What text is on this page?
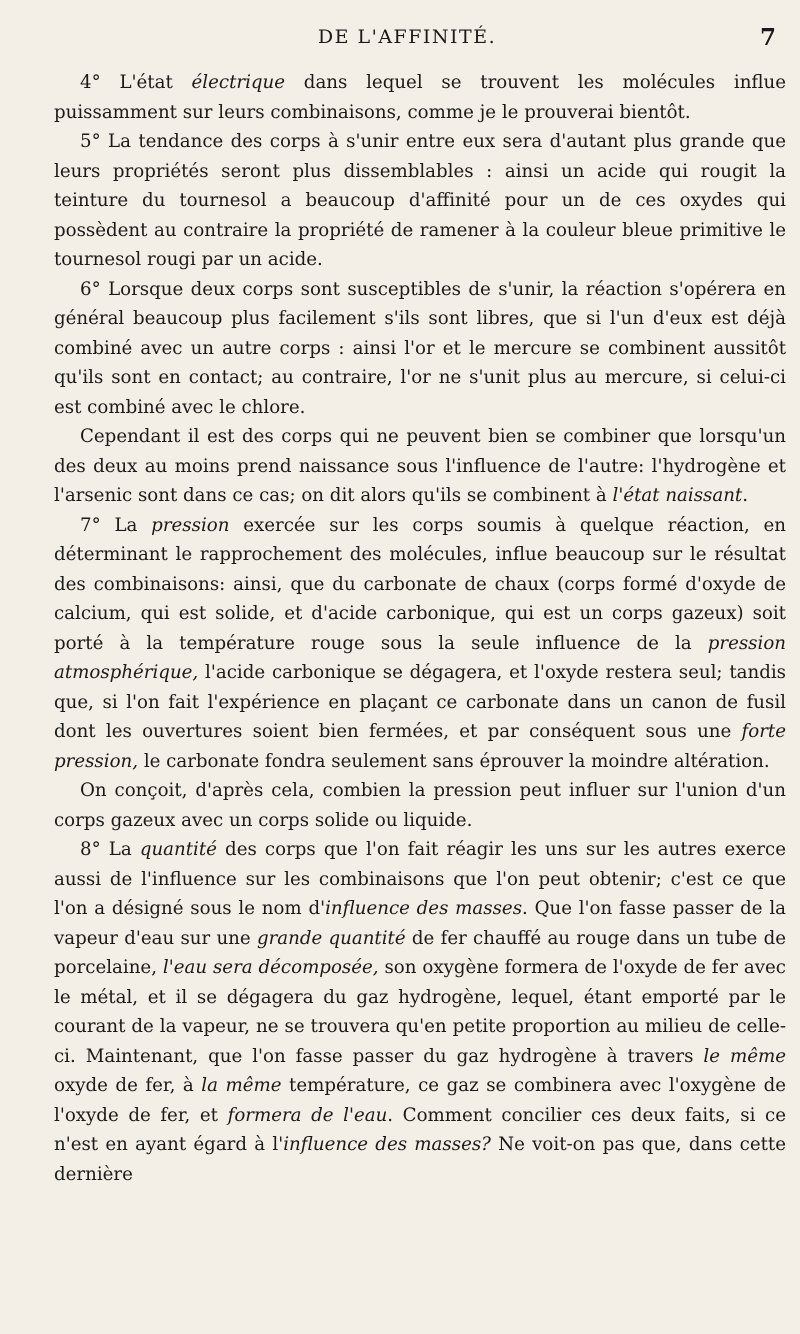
DE L'AFFINITÉ.	7

4° L'état électrique dans lequel se trouvent les molécules influe puissamment sur leurs combinaisons, comme je le prouverai bientôt.

5° La tendance des corps à s'unir entre eux sera d'autant plus grande que leurs propriétés seront plus dissemblables : ainsi un acide qui rougit la teinture du tournesol a beaucoup d'affinité pour un de ces oxydes qui possèdent au contraire la propriété de ramener à la couleur bleue primitive le tournesol rougi par un acide.

6° Lorsque deux corps sont susceptibles de s'unir, la réaction s'opérera en général beaucoup plus facilement s'ils sont libres, que si l'un d'eux est déjà combiné avec un autre corps : ainsi l'or et le mercure se combinent aussitôt qu'ils sont en contact; au contraire, l'or ne s'unit plus au mercure, si celui-ci est combiné avec le chlore.

Cependant il est des corps qui ne peuvent bien se combiner que lorsqu'un des deux au moins prend naissance sous l'influence de l'autre: l'hydrogène et l'arsenic sont dans ce cas; on dit alors qu'ils se combinent à l'état naissant.

7° La pression exercée sur les corps soumis à quelque réaction, en déterminant le rapprochement des molécules, influe beaucoup sur le résultat des combinaisons: ainsi, que du carbonate de chaux (corps formé d'oxyde de calcium, qui est solide, et d'acide carbonique, qui est un corps gazeux) soit porté à la température rouge sous la seule influence de la pression atmosphérique, l'acide carbonique se dégagera, et l'oxyde restera seul; tandis que, si l'on fait l'expérience en plaçant ce carbonate dans un canon de fusil dont les ouvertures soient bien fermées, et par conséquent sous une forte pression, le carbonate fondra seulement sans éprouver la moindre altération.

On conçoit, d'après cela, combien la pression peut influer sur l'union d'un corps gazeux avec un corps solide ou liquide.

8° La quantité des corps que l'on fait réagir les uns sur les autres exerce aussi de l'influence sur les combinaisons que l'on peut obtenir; c'est ce que l'on a désigné sous le nom d'influence des masses. Que l'on fasse passer de la vapeur d'eau sur une grande quantité de fer chauffé au rouge dans un tube de porcelaine, l'eau sera décomposée, son oxygène formera de l'oxyde de fer avec le métal, et il se dégagera du gaz hydrogène, lequel, étant emporté par le courant de la vapeur, ne se trouvera qu'en petite proportion au milieu de celle-ci. Maintenant, que l'on fasse passer du gaz hydrogène à travers le même oxyde de fer, à la même température, ce gaz se combinera avec l'oxygène de l'oxyde de fer, et formera de l'eau. Comment concilier ces deux faits, si ce n'est en ayant égard à l'influence des masses? Ne voit-on pas que, dans cette dernière
